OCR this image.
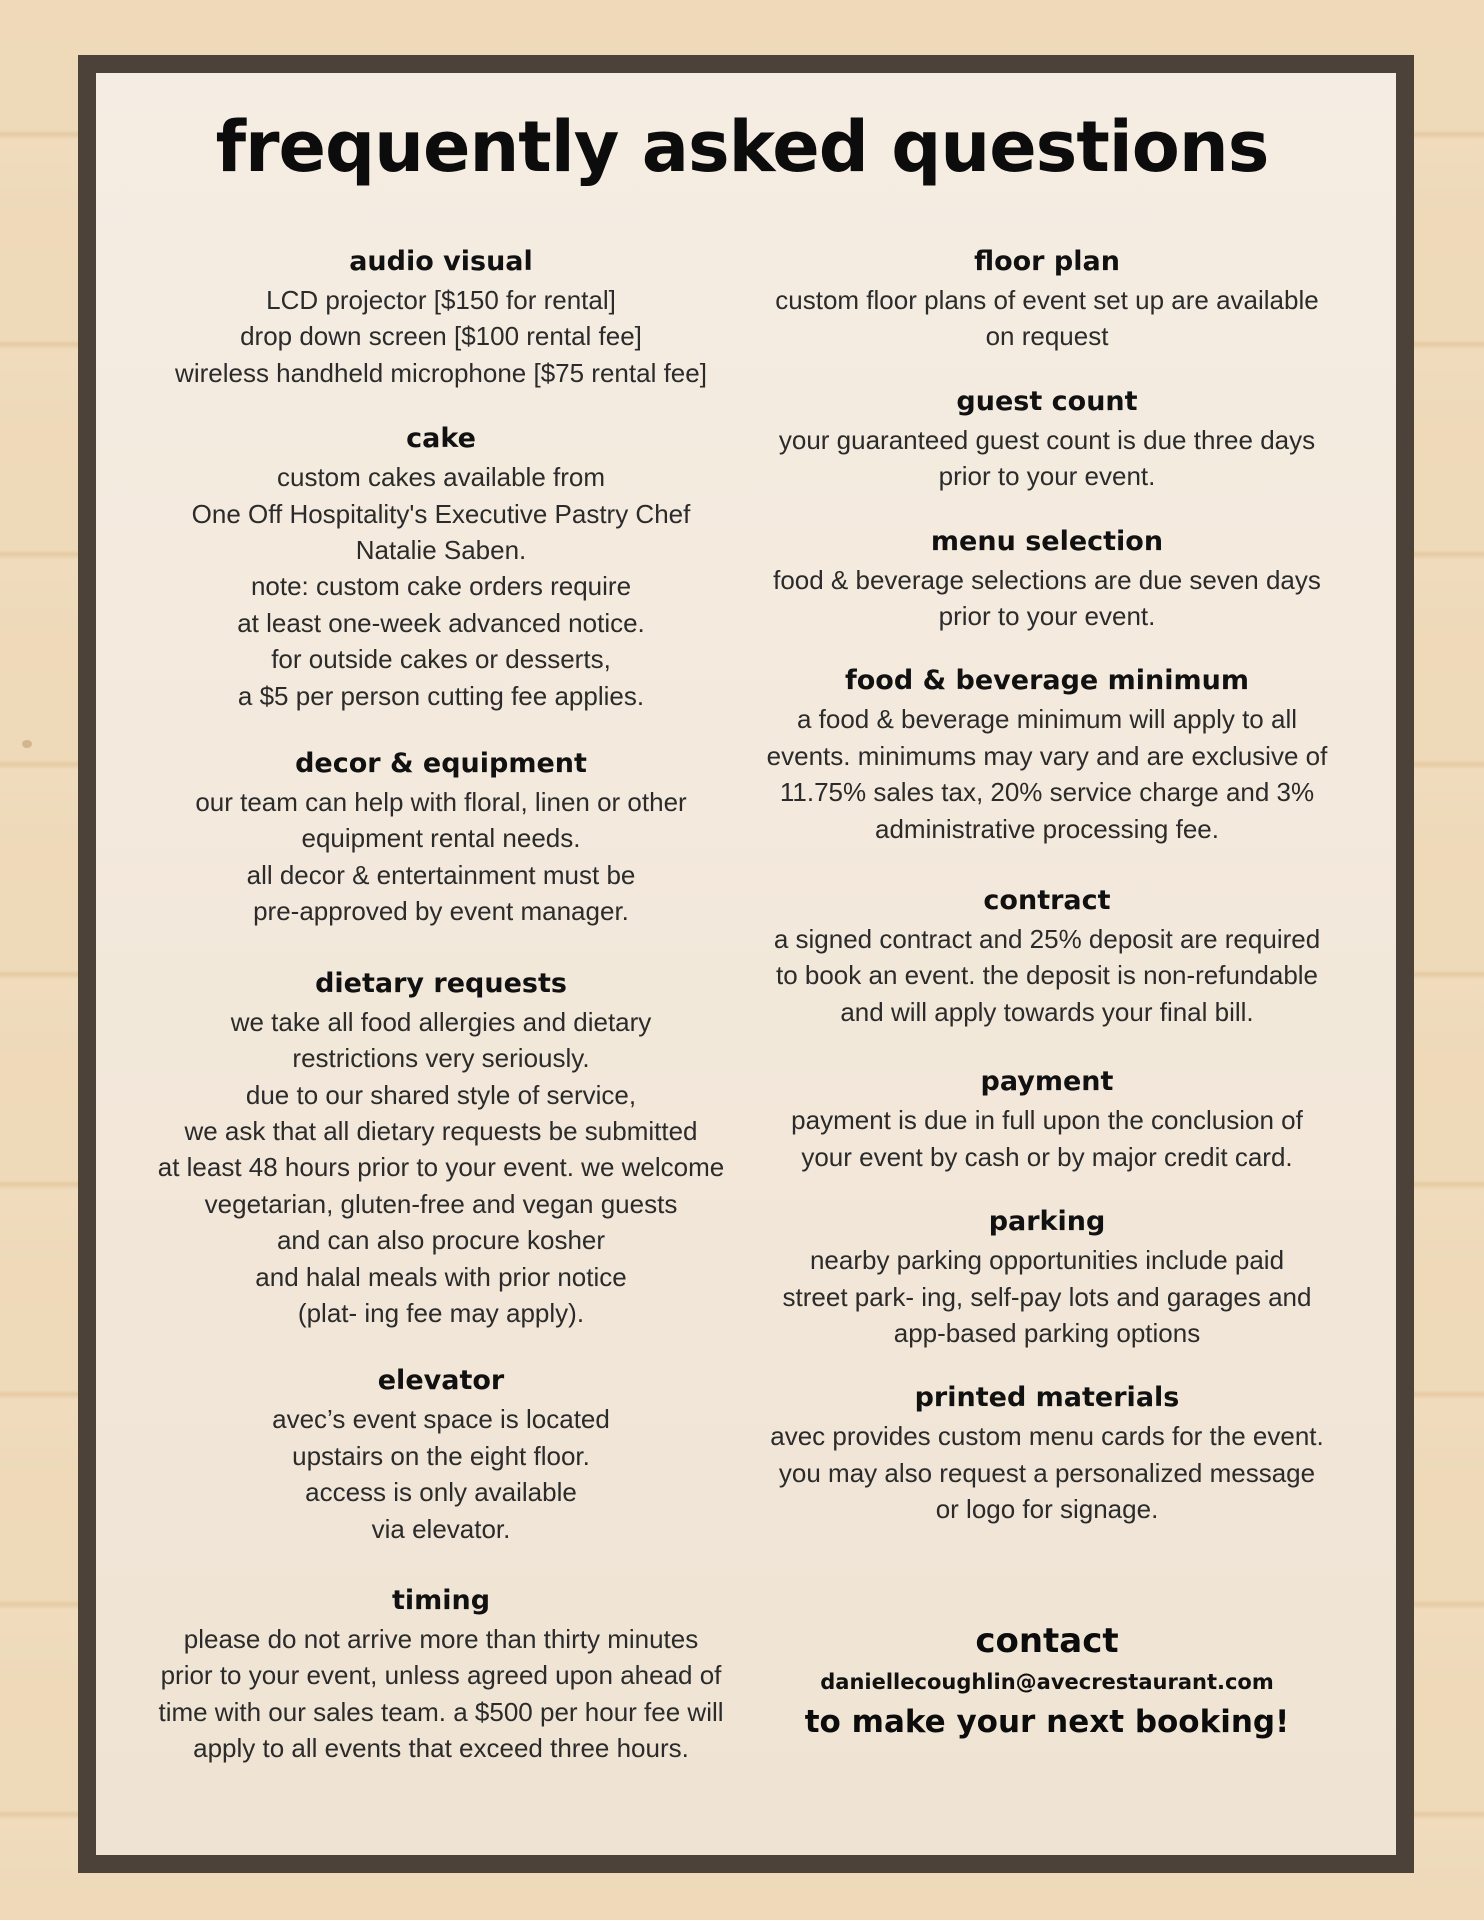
frequently asked questions

audio visual

LCD projector [$150 for rental]

drop down screen [$100 rental fee]

wireless handheld microphone [$75 rental fee]

cake

custom cakes available from

One Off Hospitality's Executive Pastry Chef

Natalie Saben.

note: custom cake orders require

at least one-week advanced notice.

for outside cakes or desserts,

a $5 per person cutting fee applies.

decor & equipment

our team can help with floral, linen or other

equipment rental needs.

all decor & entertainment must be

pre-approved by event manager.

dietary requests

we take all food allergies and dietary

restrictions very seriously.

due to our shared style of service,

we ask that all dietary requests be submitted

at least 48 hours prior to your event. we welcome

vegetarian, gluten-free and vegan guests

and can also procure kosher

and halal meals with prior notice

(plat- ing fee may apply).

elevator

avec’s event space is located

upstairs on the eight floor.

access is only available

via elevator.

timing

please do not arrive more than thirty minutes

prior to your event, unless agreed upon ahead of

time with our sales team. a $500 per hour fee will

apply to all events that exceed three hours.

floor plan

custom floor plans of event set up are available

on request

guest count

your guaranteed guest count is due three days

prior to your event.

menu selection

food & beverage selections are due seven days

prior to your event.

food & beverage minimum

a food & beverage minimum will apply to all

events. minimums may vary and are exclusive of

11.75% sales tax, 20% service charge and 3%

administrative processing fee.

contract

a signed contract and 25% deposit are required

to book an event. the deposit is non-refundable

and will apply towards your final bill.

payment

payment is due in full upon the conclusion of

your event by cash or by major credit card.

parking

nearby parking opportunities include paid

street park- ing, self-pay lots and garages and

app-based parking options

printed materials

avec provides custom menu cards for the event.

you may also request a personalized message

or logo for signage.

contact

daniellecoughlin@avecrestaurant.com

to make your next booking!
